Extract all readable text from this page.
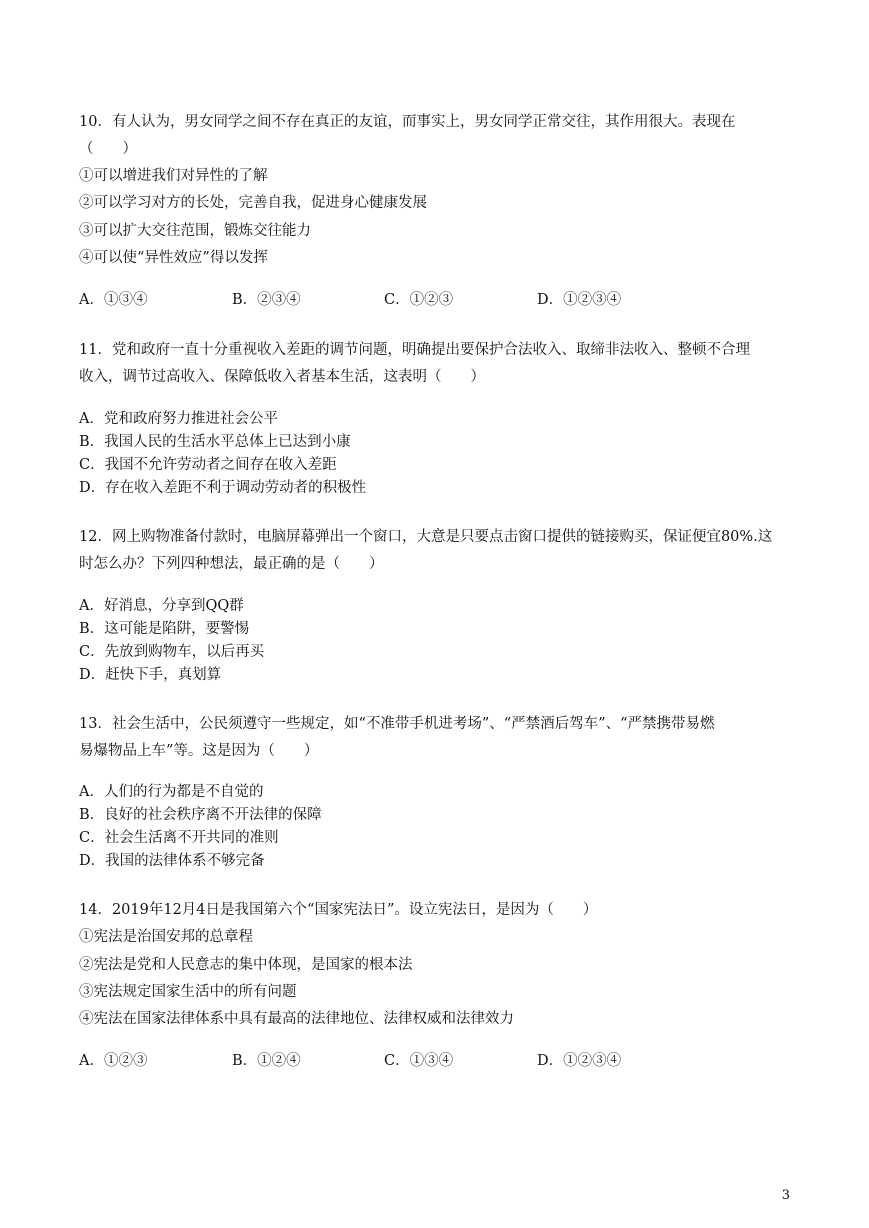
10．有人认为，男女同学之间不存在真正的友谊，而事实上，男女同学正常交往，其作用很大。表现在
（　　）
①可以增进我们对异性的了解
②可以学习对方的长处，完善自我，促进身心健康发展
③可以扩大交往范围，锻炼交往能力
④可以使“异性效应”得以发挥
A．①③④	B．②③④	C．①②③	D．①②③④
11．党和政府一直十分重视收入差距的调节问题，明确提出要保护合法收入、取缔非法收入、整顿不合理
收入，调节过高收入、保障低收入者基本生活，这表明（　　）
A．党和政府努力推进社会公平
B．我国人民的生活水平总体上已达到小康
C．我国不允许劳动者之间存在收入差距
D．存在收入差距不利于调动劳动者的积极性
12．网上购物准备付款时，电脑屏幕弹出一个窗口，大意是只要点击窗口提供的链接购买，保证便宜80%.这
时怎么办？下列四种想法，最正确的是（　　）
A．好消息，分享到QQ群
B．这可能是陷阱，要警惕
C．先放到购物车，以后再买
D．赶快下手，真划算
13．社会生活中，公民须遵守一些规定，如“不准带手机进考场”、“严禁酒后驾车”、“严禁携带易燃
易爆物品上车”等。这是因为（　　）
A．人们的行为都是不自觉的
B．良好的社会秩序离不开法律的保障
C．社会生活离不开共同的准则
D．我国的法律体系不够完备
14．2019年12月4日是我国第六个“国家宪法日”。设立宪法日，是因为（　　）
①宪法是治国安邦的总章程
②宪法是党和人民意志的集中体现，是国家的根本法
③宪法规定国家生活中的所有问题
④宪法在国家法律体系中具有最高的法律地位、法律权威和法律效力
A．①②③	B．①②④	C．①③④	D．①②③④
3
